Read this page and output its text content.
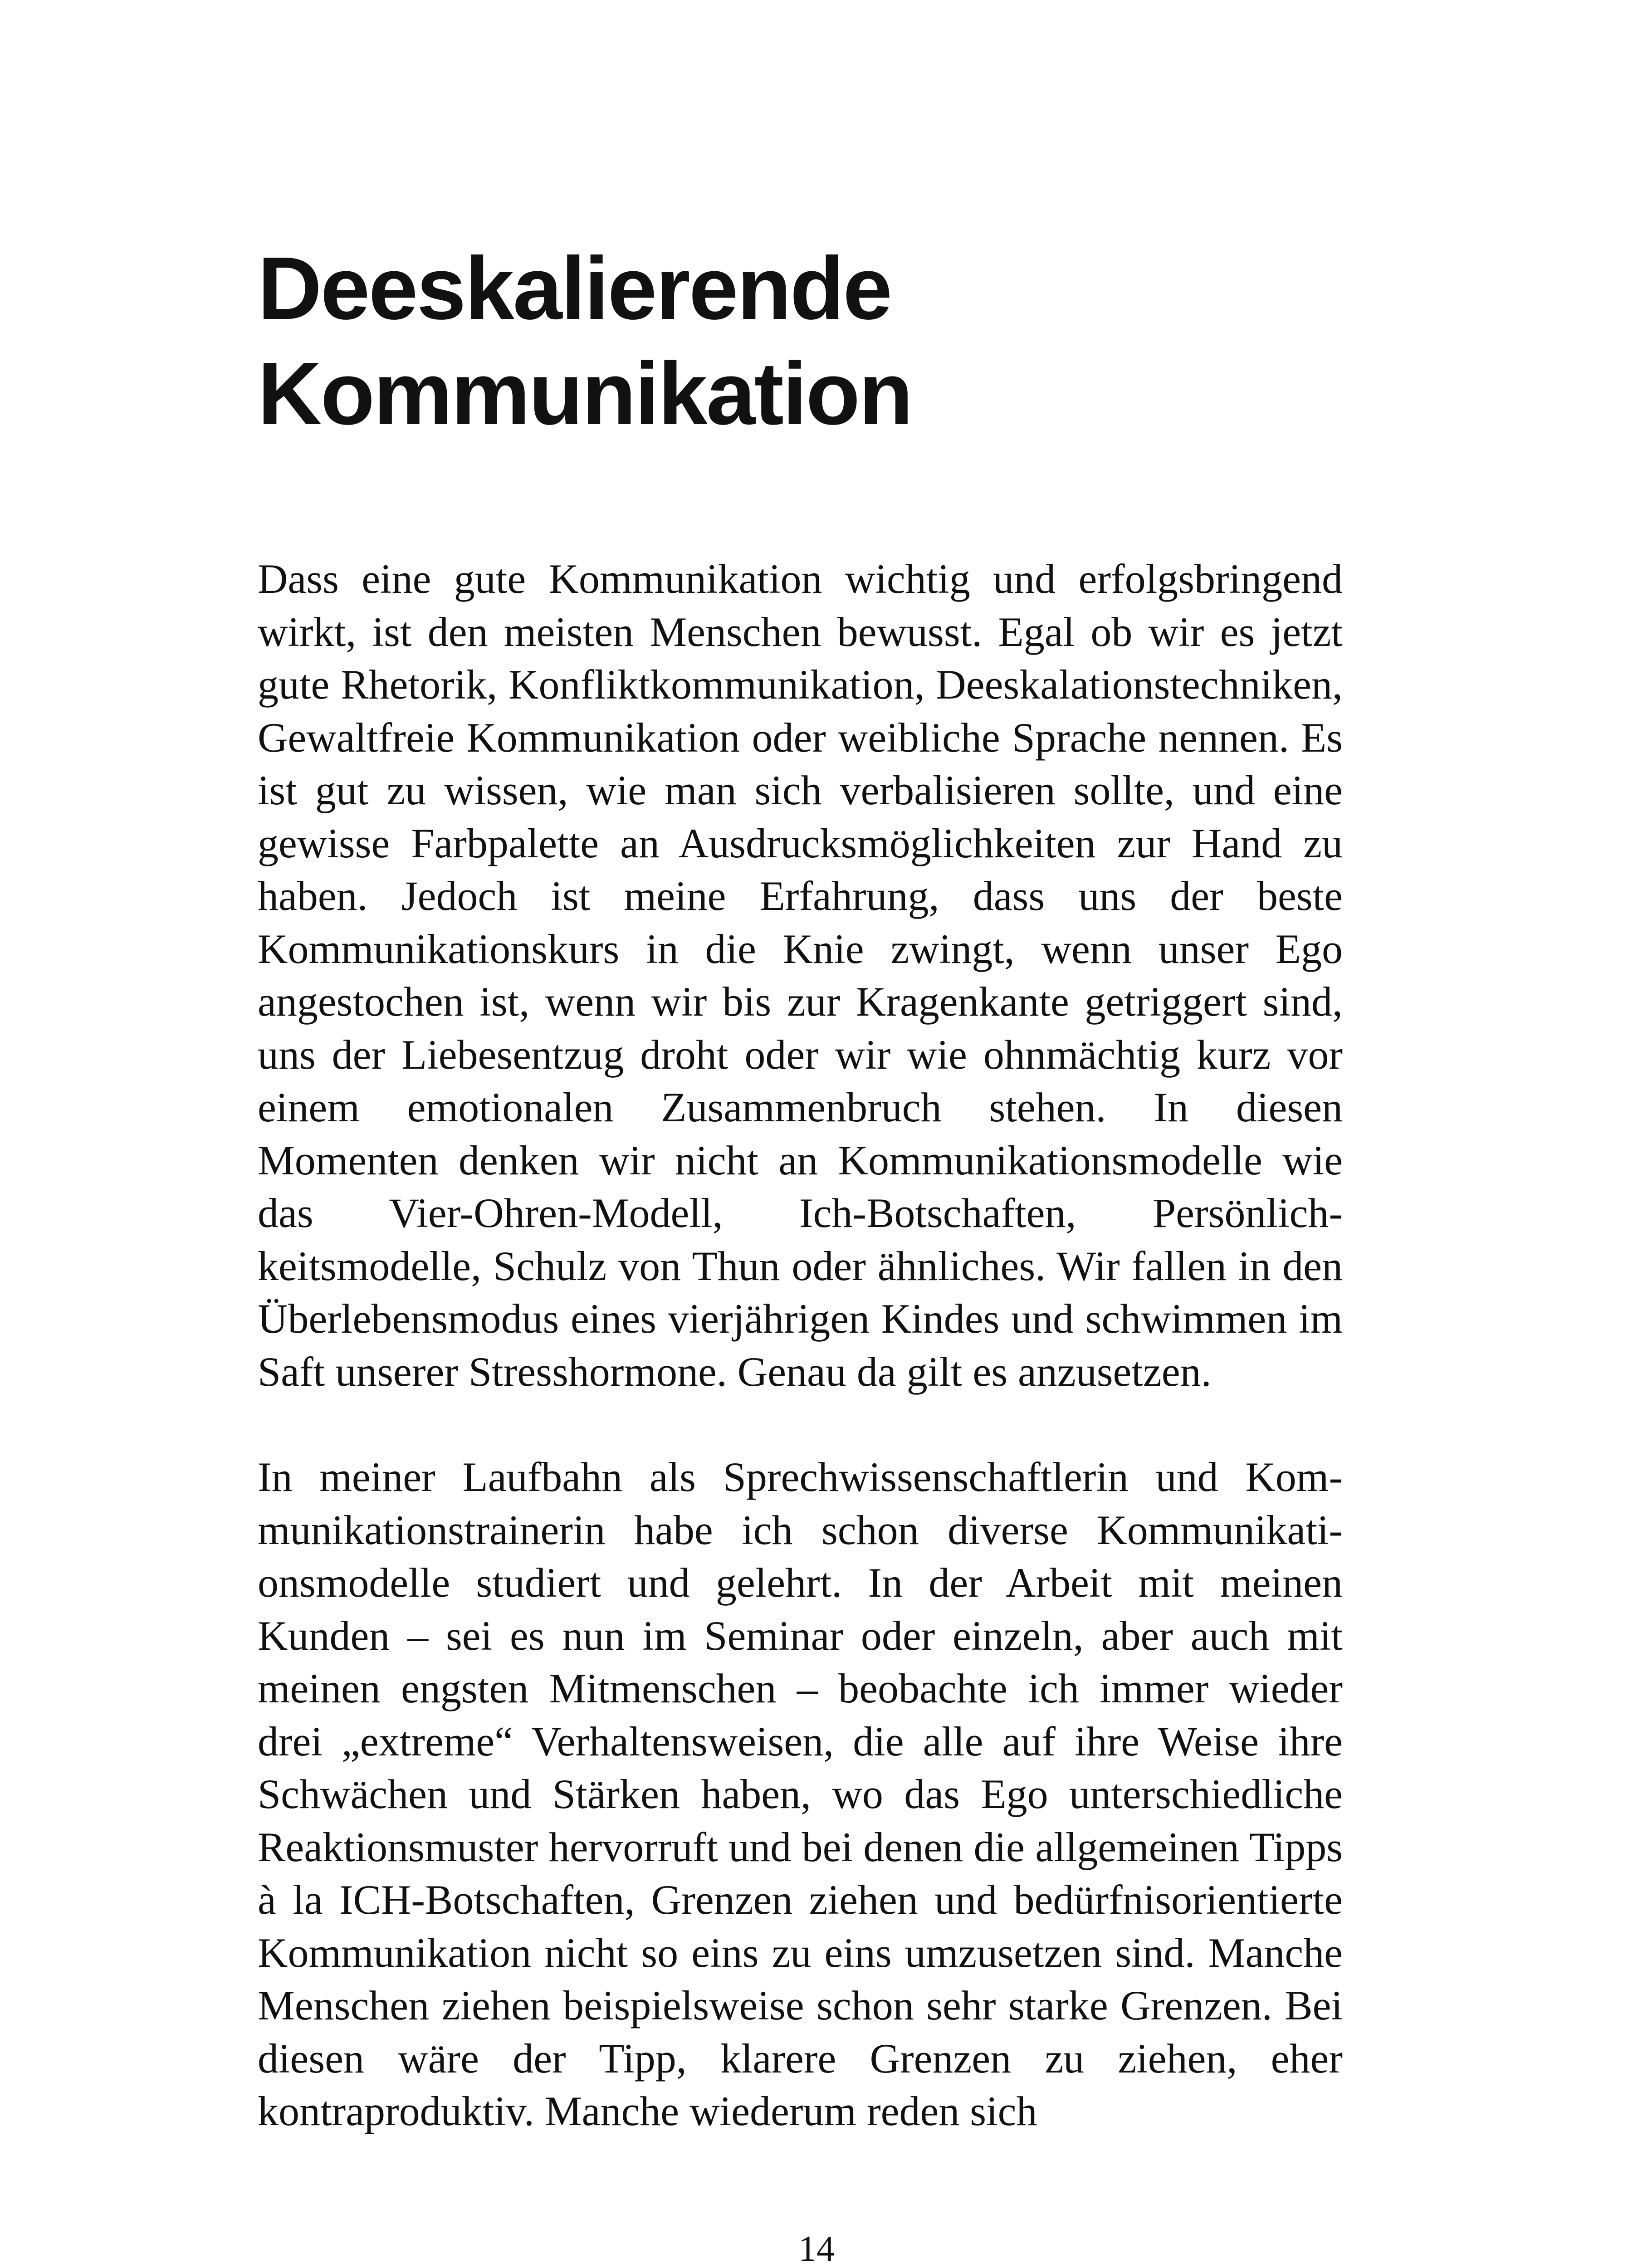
Deeskalierende
Kommunikation

Dass eine gute Kommunikation wichtig und erfolgsbringend wirkt, ist den meisten Menschen bewusst. Egal ob wir es jetzt gute Rhetorik, Konfliktkommunikation, Deeskalationstechniken, Gewaltfreie Kommunikation oder weibliche Sprache nennen. Es ist gut zu wissen, wie man sich verbalisieren sollte, und eine gewisse Farbpalette an Ausdrucksmöglichkeiten zur Hand zu haben. Jedoch ist meine Erfahrung, dass uns der beste Kommunikationskurs in die Knie zwingt, wenn unser Ego angestochen ist, wenn wir bis zur Kragenkante getriggert sind, uns der Liebesentzug droht oder wir wie ohnmächtig kurz vor einem emotionalen Zusammenbruch stehen. In diesen Momenten denken wir nicht an Kommunikationsmodelle wie das Vier-Ohren-Modell, Ich-Botschaften, Persönlichkeitsmodelle, Schulz von Thun oder ähnliches. Wir fallen in den Überlebensmodus eines vierjährigen Kindes und schwimmen im Saft unserer Stresshormone. Genau da gilt es anzusetzen.

In meiner Laufbahn als Sprechwissenschaftlerin und Kommunikationstrainerin habe ich schon diverse Kommunikationsmodelle studiert und gelehrt. In der Arbeit mit meinen Kunden – sei es nun im Seminar oder einzeln, aber auch mit meinen engsten Mitmenschen – beobachte ich immer wieder drei „extreme“ Verhaltensweisen, die alle auf ihre Weise ihre Schwächen und Stärken haben, wo das Ego unterschiedliche Reaktionsmuster hervorruft und bei denen die allgemeinen Tipps à la ICH-Botschaften, Grenzen ziehen und bedürfnisorientierte Kommunikation nicht so eins zu eins umzusetzen sind. Manche Menschen ziehen beispielsweise schon sehr starke Grenzen. Bei diesen wäre der Tipp, klarere Grenzen zu ziehen, eher kontraproduktiv. Manche wiederum reden sich

14
